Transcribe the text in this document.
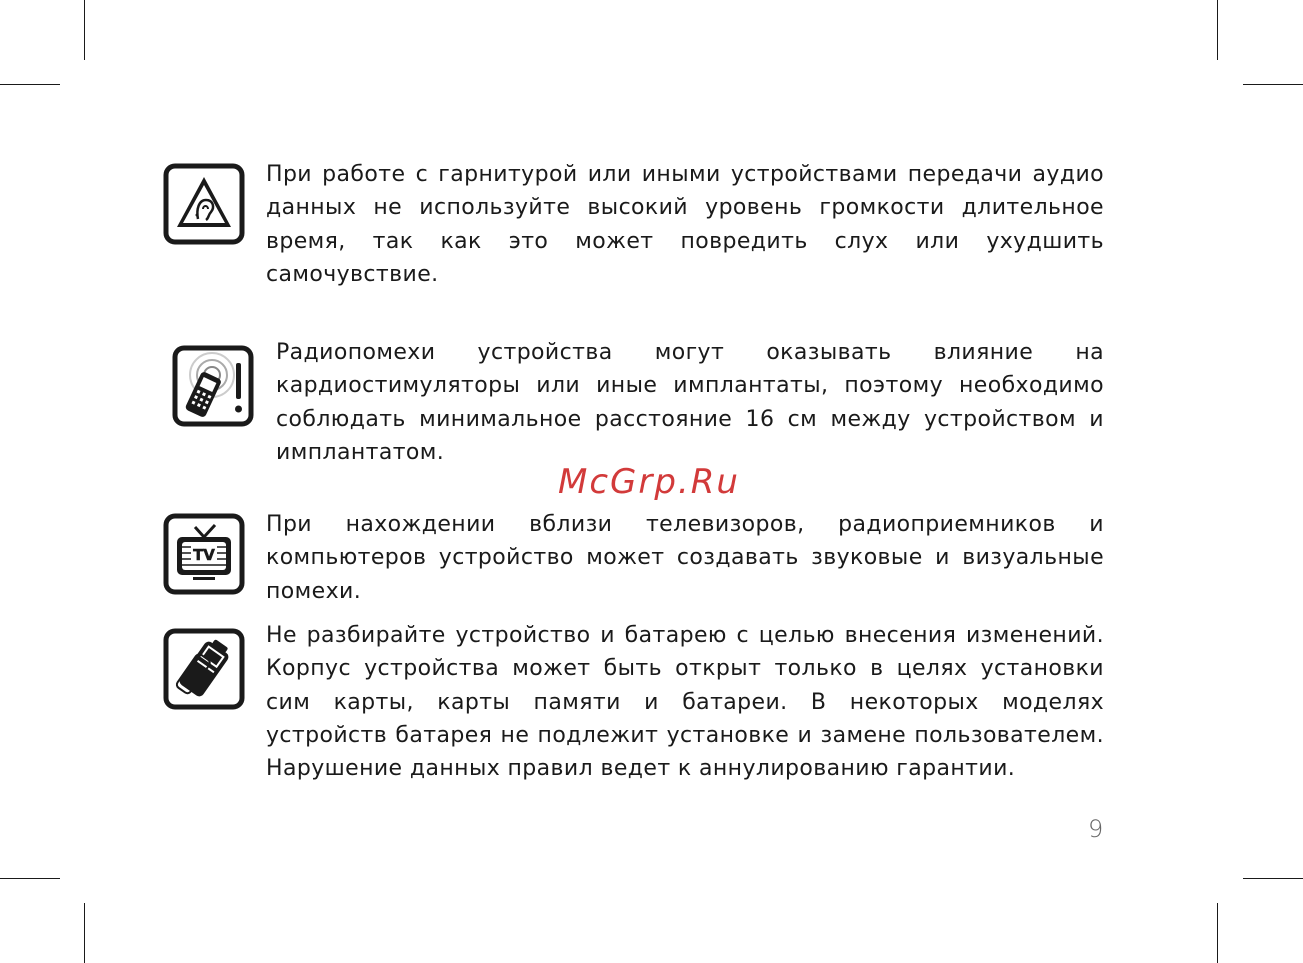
При работе с гарнитурой или иными устройствами передачи аудио данных не используйте высокий уровень громкости длительное время, так как это может повредить слух или ухудшить самочувствие.

Радиопомехи устройства могут оказывать влияние на кардиостимуляторы или иные имплантаты, поэтому необходимо соблюдать минимальное расстояние 16 см между устройством и имплантатом.

McGrp.Ru
TV

При нахождении вблизи телевизоров, радиоприемников и компьютеров устройство может создавать звуковые и визуальные помехи.

Не разбирайте устройство и батарею с целью внесения изменений. Корпус устройства может быть открыт только в целях установки сим карты, карты памяти и батареи. В некоторых моделях устройств батарея не подлежит установке и замене пользователем. Нарушение данных правил ведет к аннулированию гарантии.

9
